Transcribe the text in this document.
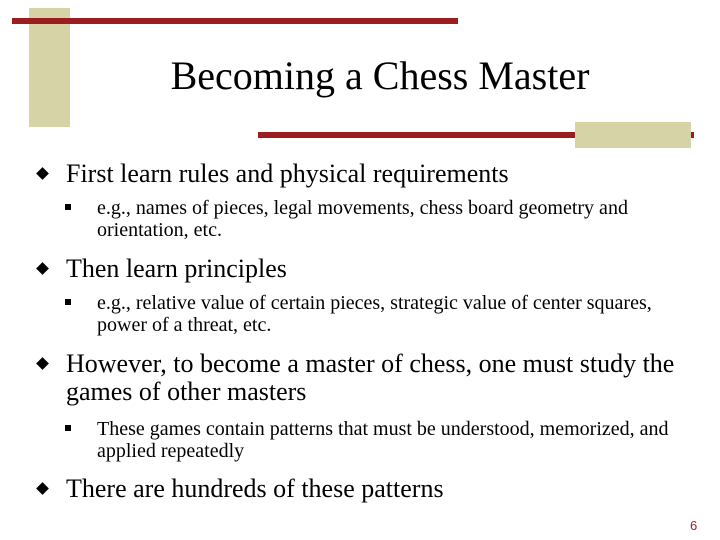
Becoming a Chess Master
First learn rules and physical requirements
e.g., names of pieces, legal movements, chess board geometry and orientation, etc.
Then learn principles
e.g., relative value of certain pieces, strategic value of center squares, power of a threat, etc.
However, to become a master of chess, one must study the games of other masters
These games contain patterns that must be understood, memorized, and applied repeatedly
There are hundreds of these patterns
6
